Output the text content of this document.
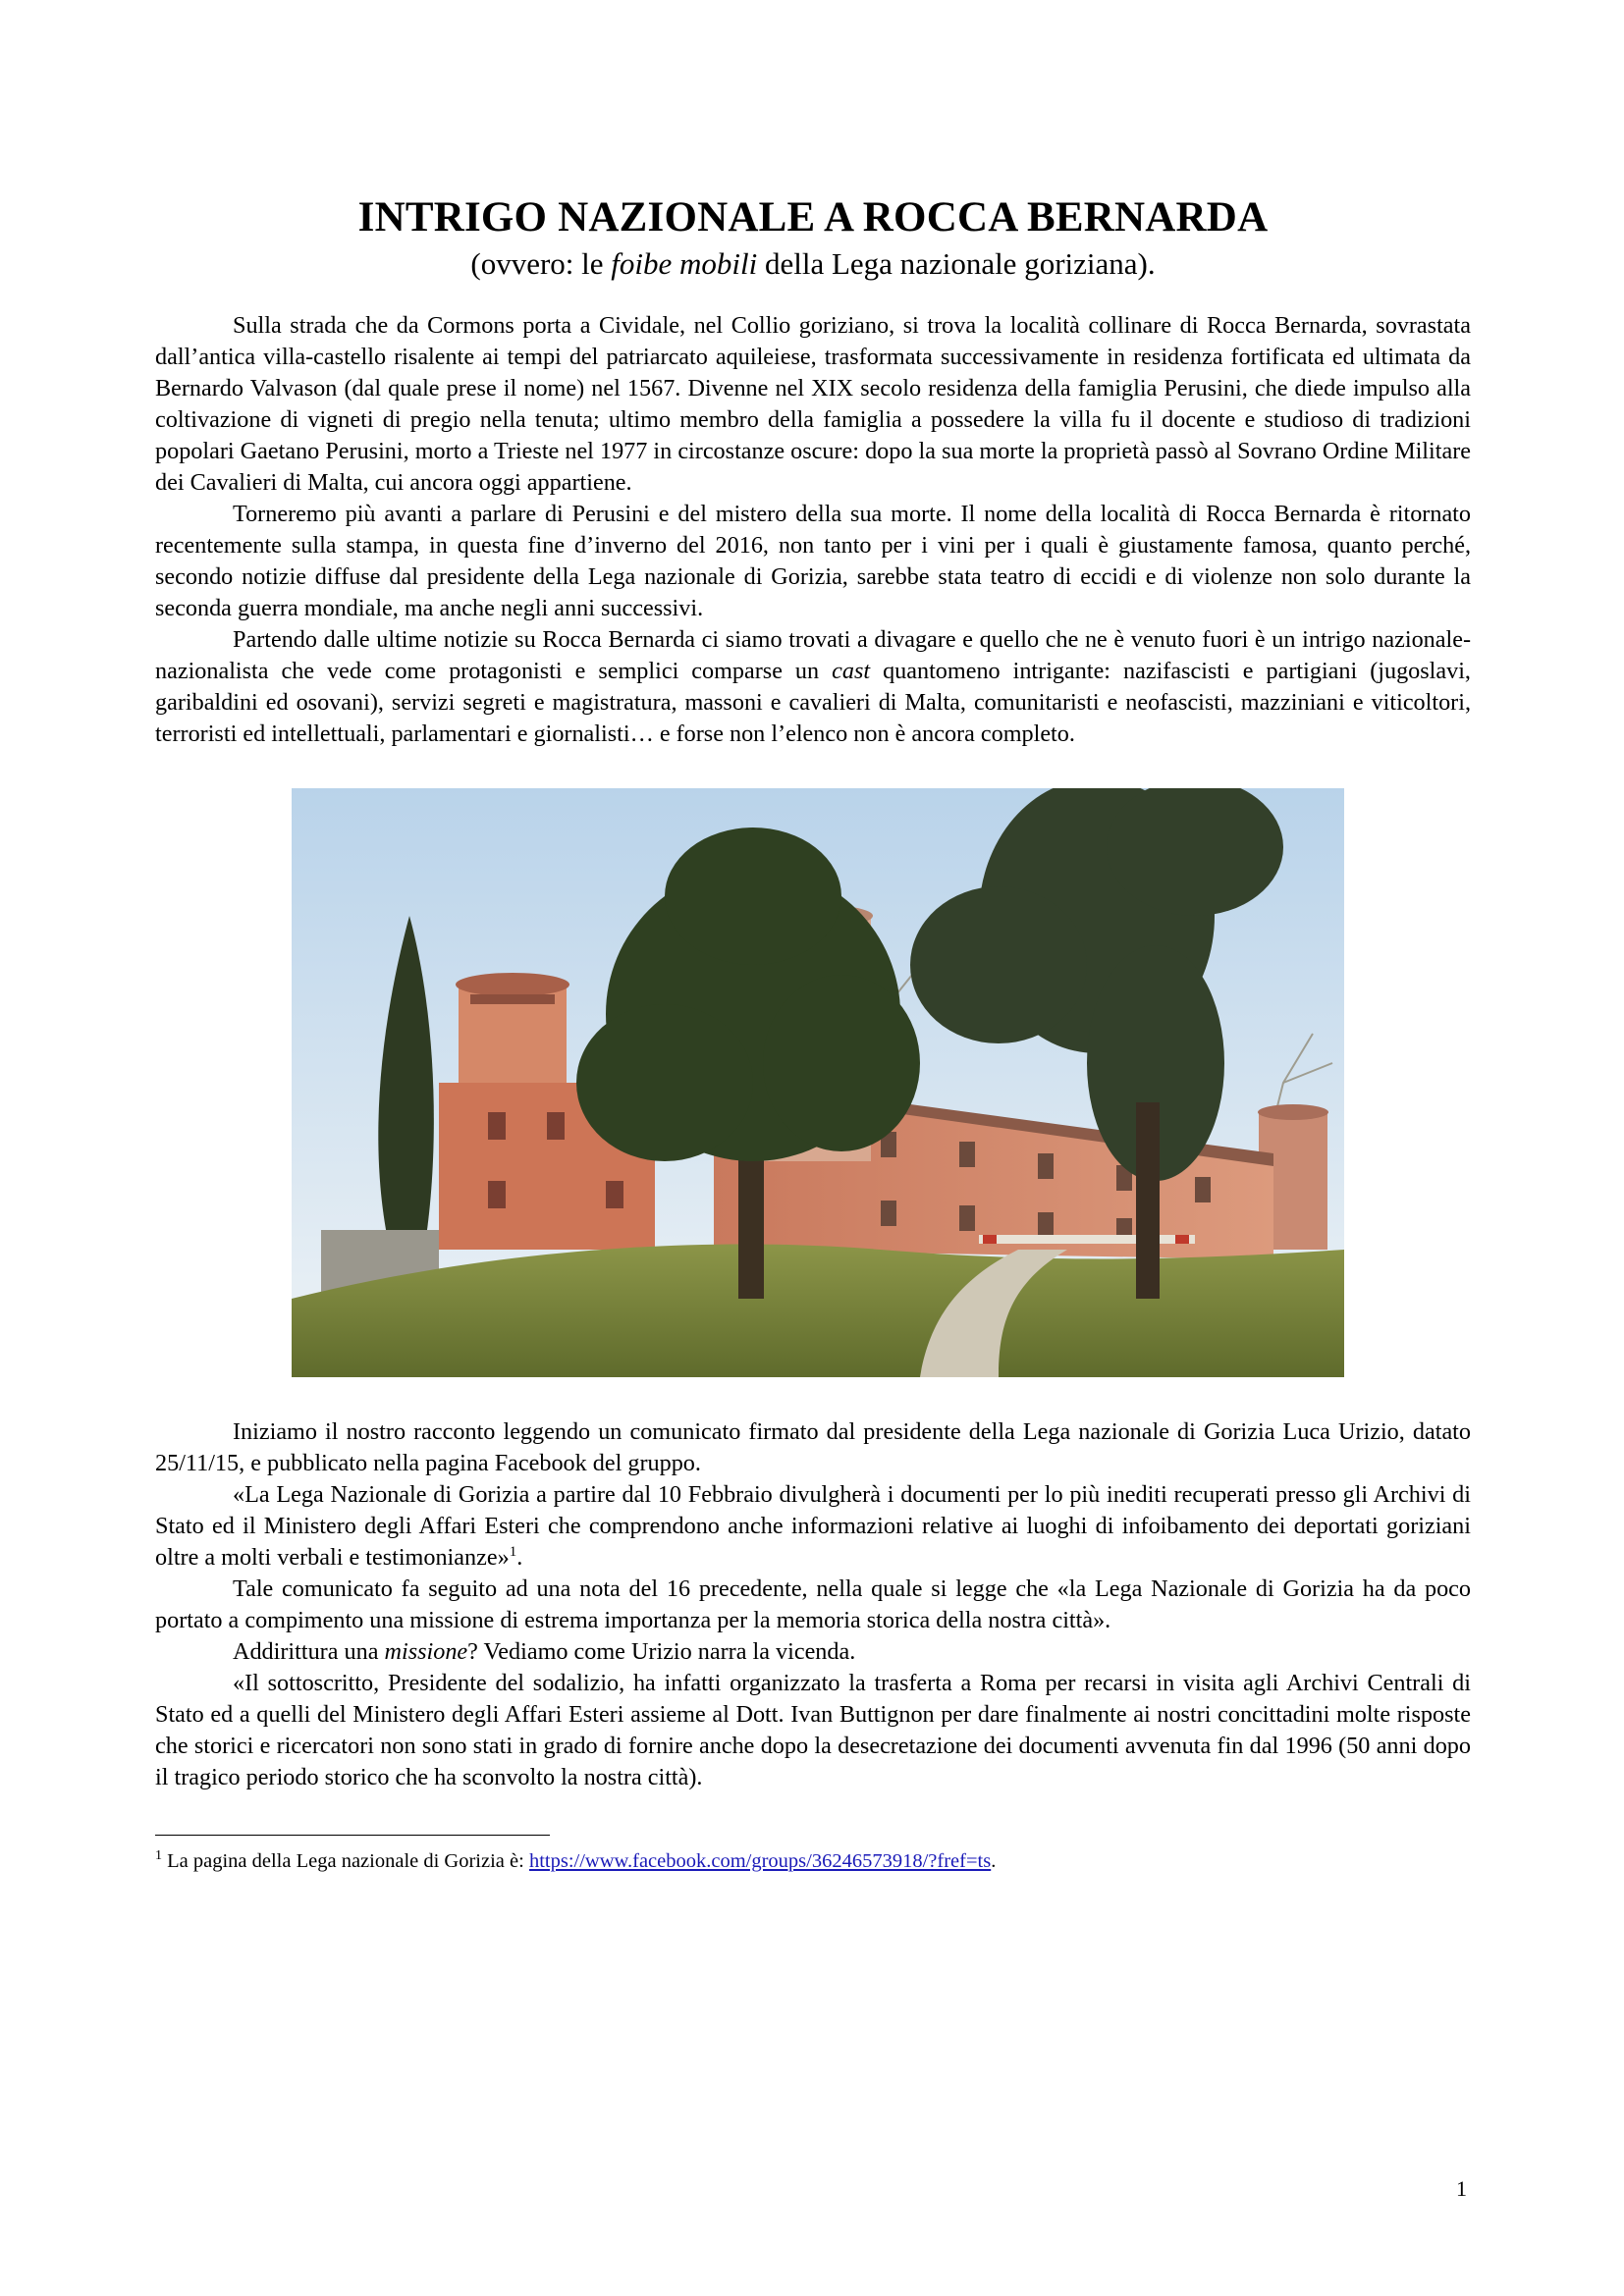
INTRIGO NAZIONALE A ROCCA BERNARDA
(ovvero: le foibe mobili della Lega nazionale goriziana).

Sulla strada che da Cormons porta a Cividale, nel Collio goriziano, si trova la località collinare di Rocca Bernarda, sovrastata dall’antica villa-castello risalente ai tempi del patriarcato aquileiese, trasformata successivamente in residenza fortificata ed ultimata da Bernardo Valvason (dal quale prese il nome) nel 1567. Divenne nel XIX secolo residenza della famiglia Perusini, che diede impulso alla coltivazione di vigneti di pregio nella tenuta; ultimo membro della famiglia a possedere la villa fu il docente e studioso di tradizioni popolari Gaetano Perusini, morto a Trieste nel 1977 in circostanze oscure: dopo la sua morte la proprietà passò al Sovrano Ordine Militare dei Cavalieri di Malta, cui ancora oggi appartiene.

Torneremo più avanti a parlare di Perusini e del mistero della sua morte. Il nome della località di Rocca Bernarda è ritornato recentemente sulla stampa, in questa fine d’inverno del 2016, non tanto per i vini per i quali è giustamente famosa, quanto perché, secondo notizie diffuse dal presidente della Lega nazionale di Gorizia, sarebbe stata teatro di eccidi e di violenze non solo durante la seconda guerra mondiale, ma anche negli anni successivi.

Partendo dalle ultime notizie su Rocca Bernarda ci siamo trovati a divagare e quello che ne è venuto fuori è un intrigo nazionale-nazionalista che vede come protagonisti e semplici comparse un cast quantomeno intrigante: nazifascisti e partigiani (jugoslavi, garibaldini ed osovani), servizi segreti e magistratura, massoni e cavalieri di Malta, comunitaristi e neofascisti, mazziniani e viticoltori, terroristi ed intellettuali, parlamentari e giornalisti… e forse non l’elenco non è ancora completo.

Iniziamo il nostro racconto leggendo un comunicato firmato dal presidente della Lega nazionale di Gorizia Luca Urizio, datato 25/11/15, e pubblicato nella pagina Facebook del gruppo.

«La Lega Nazionale di Gorizia a partire dal 10 Febbraio divulgherà i documenti per lo più inediti recuperati presso gli Archivi di Stato ed il Ministero degli Affari Esteri che comprendono anche informazioni relative ai luoghi di infoibamento dei deportati goriziani oltre a molti verbali e testimonianze»$^1$.

Tale comunicato fa seguito ad una nota del 16 precedente, nella quale si legge che «la Lega Nazionale di Gorizia ha da poco portato a compimento una missione di estrema importanza per la memoria storica della nostra città».

Addirittura una missione? Vediamo come Urizio narra la vicenda.

«Il sottoscritto, Presidente del sodalizio, ha infatti organizzato la trasferta a Roma per recarsi in visita agli Archivi Centrali di Stato ed a quelli del Ministero degli Affari Esteri assieme al Dott. Ivan Buttignon per dare finalmente ai nostri concittadini molte risposte che storici e ricercatori non sono stati in grado di fornire anche dopo la desecretazione dei documenti avvenuta fin dal 1996 (50 anni dopo il tragico periodo storico che ha sconvolto la nostra città).

$^1$ La pagina della Lega nazionale di Gorizia è: https://www.facebook.com/groups/36246573918/?fref=ts.
1
